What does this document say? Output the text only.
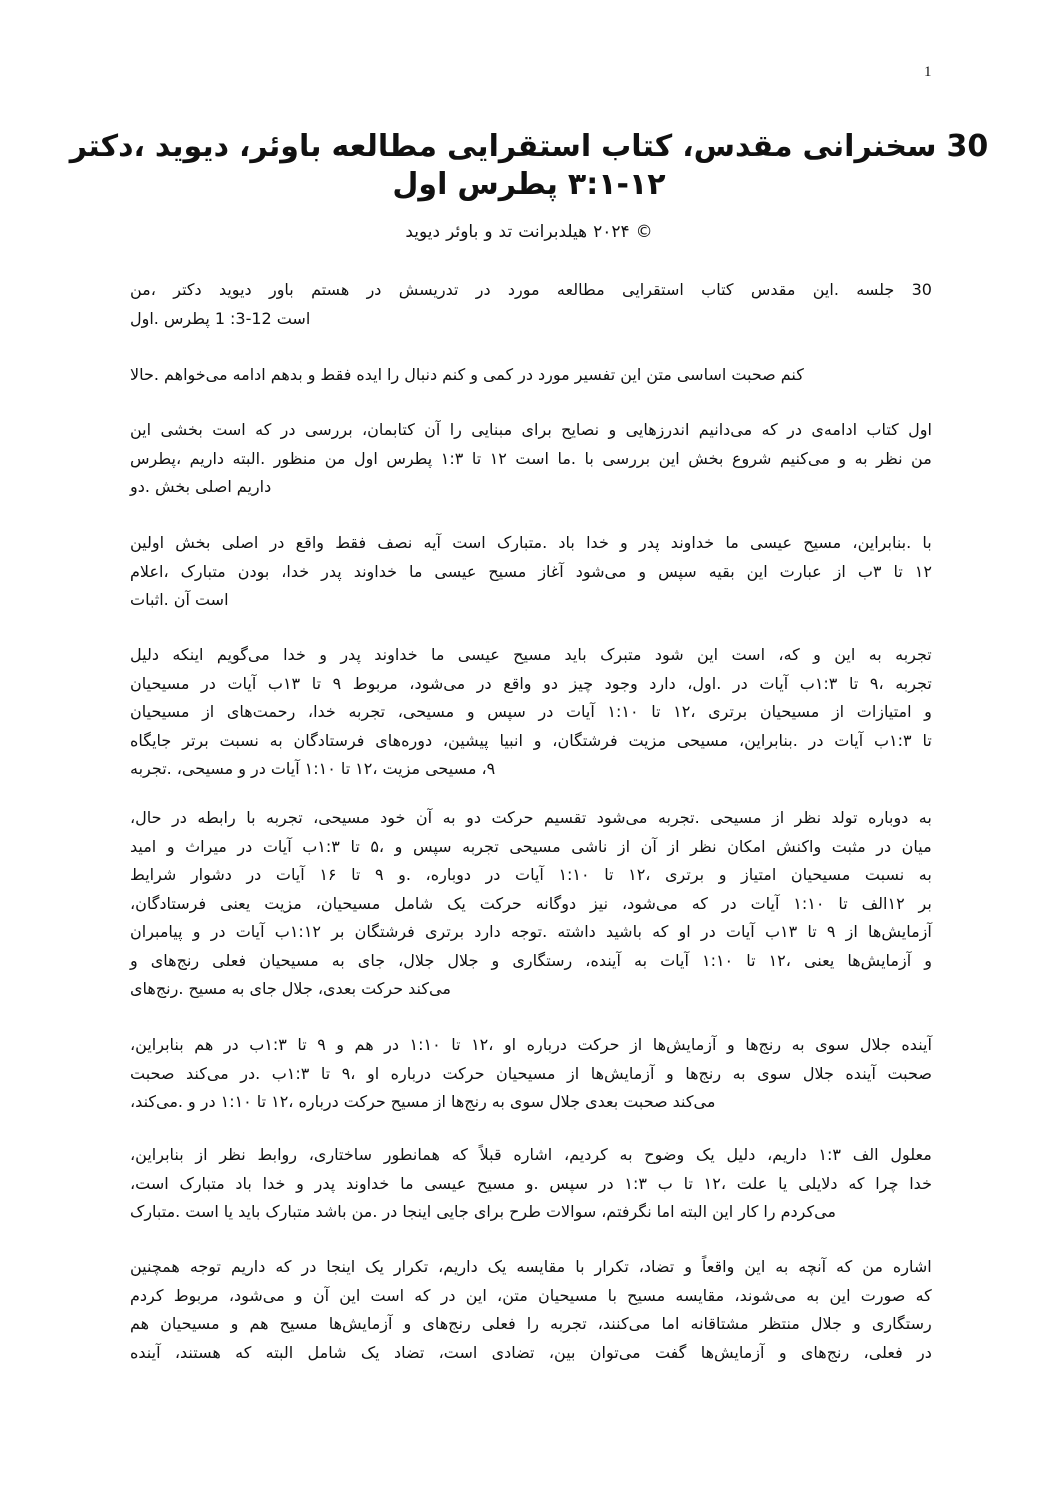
1
،دکتر دیوید باوئر، مطالعه استقرایی کتاب مقدس، سخنرانی 30
اول پطرس ۳:۱-۱۲
دیوید باوئر و تد هیلدبرانت ۲۰۲۴ ©
،من دکتر دیوید باور هستم در تدریسش در مورد مطالعه استقرایی کتاب مقدس .این جلسه 30
.اول پطرس 1 :3-12 است
.حالا می‌خواهم ادامه بدهم و فقط ایده را دنبال کنم و کمی در مورد تفسیر این متن اساسی صحبت کنم
این بخشی است که در بررسی کتابمان، آن را مبنایی برای نصایح و اندرزهایی می‌دانیم که در ادامه‌ی کتاب اول
،پطرس داریم .البته منظور من اول پطرس ۱:۳ تا ۱۲ است .ما با بررسی این بخش شروع می‌کنیم و به نظر من
.دو بخش اصلی داریم
اولین بخش اصلی در واقع فقط نصف آیه است .متبارک باد خدا و پدر خداوند ما عیسی مسیح .بنابراین، با
،اعلام متبارک بودن خدا، پدر خداوند ما عیسی مسیح آغاز می‌شود و سپس بقیه این عبارت از ۳ب تا ۱۲
.اثبات آن است
دلیل اینکه می‌گویم خدا و پدر خداوند ما عیسی مسیح باید متبرک شود این است که، و این به تجربه
مسیحیان در آیات ۱۳ب تا ۹ مربوط می‌شود، در واقع دو چیز وجود دارد .اول، در آیات ۱:۳ب تا ۹، تجربه
مسیحیان از رحمت‌های خدا، تجربه مسیحی، و سپس در آیات ۱:۱۰ تا ۱۲، برتری مسیحیان از امتیازات و
جایگاه برتر نسبت به فرستادگان دوره‌های پیشین، انبیا و فرشتگان، مزیت مسیحی .بنابراین، در آیات ۱:۳ب تا
.تجربه مسیحی، و در آیات ۱:۱۰ تا ۱۲، مزیت مسیحی ،۹
حال، در رابطه با تجربه مسیحی، خود آن به دو حرکت تقسیم می‌شود .تجربه مسیحی از نظر تولد دوباره به
امید و میراث در آیات ۱:۳ب تا ۵، و سپس تجربه مسیحی ناشی از آن از نظر امکان واکنش مثبت در میان
شرایط دشوار در آیات ۱۶ تا ۹ .و دوباره، در آیات ۱:۱۰ تا ۱۲، برتری و امتیاز مسیحیان نسبت به
فرستادگان، یعنی مزیت مسیحیان، شامل یک حرکت دوگانه نیز می‌شود، که در آیات ۱:۱۰ تا ۱۲الف بر
پیامبران و در آیات ۱:۱۲ب بر فرشتگان برتری دارد .توجه داشته باشید که او در آیات ۱۳ب تا ۹ از آزمایش‌ها
و رنج‌های فعلی مسیحیان به جای جلال، جلال و رستگاری آینده، به آیات ۱:۱۰ تا ۱۲، یعنی آزمایش‌ها و
.رنج‌های مسیح به جای جلال بعدی، حرکت می‌کند
بنابراین، هم در ۱:۳ب تا ۹ و هم در ۱:۱۰ تا ۱۲، او درباره حرکت از آزمایش‌ها و رنج‌ها به سوی جلال آینده
صحبت می‌کند .در ۱:۳ب تا ۹، او درباره حرکت مسیحیان از آزمایش‌ها و رنج‌ها به سوی جلال آینده صحبت
.می‌کند، و در ۱:۱۰ تا ۱۲، درباره حرکت مسیح از رنج‌ها به سوی جلال بعدی صحبت می‌کند
بنابراین، از نظر روابط ساختاری، همانطور که قبلاً اشاره کردیم، به وضوح یک دلیل داریم، ۱:۳ الف معلول
است، متبارک باد خدا و پدر خداوند ما عیسی مسیح .و سپس در ۱:۳ ب تا ۱۲، علت یا دلایلی که چرا خدا
.متبارک است یا باید متبارک باشد .من در اینجا جایی برای طرح سوالات نگرفتم، اما البته این کار را می‌کردم
همچنین توجه داریم که در اینجا یک تکرار داریم، یک مقایسه با تکرار تضاد، و واقعاً این به آنچه که من اشاره
کردم مربوط می‌شود، و آن این است که در این متن، مسیحیان با مسیح مقایسه می‌شوند، به این صورت که
هم مسیحیان و هم مسیح آزمایش‌ها و رنج‌های فعلی را تجربه می‌کنند، اما مشتاقانه منتظر جلال و رستگاری
آینده هستند، که البته شامل یک تضاد است، تضادی بین، می‌توان گفت آزمایش‌ها و رنج‌های فعلی، در
